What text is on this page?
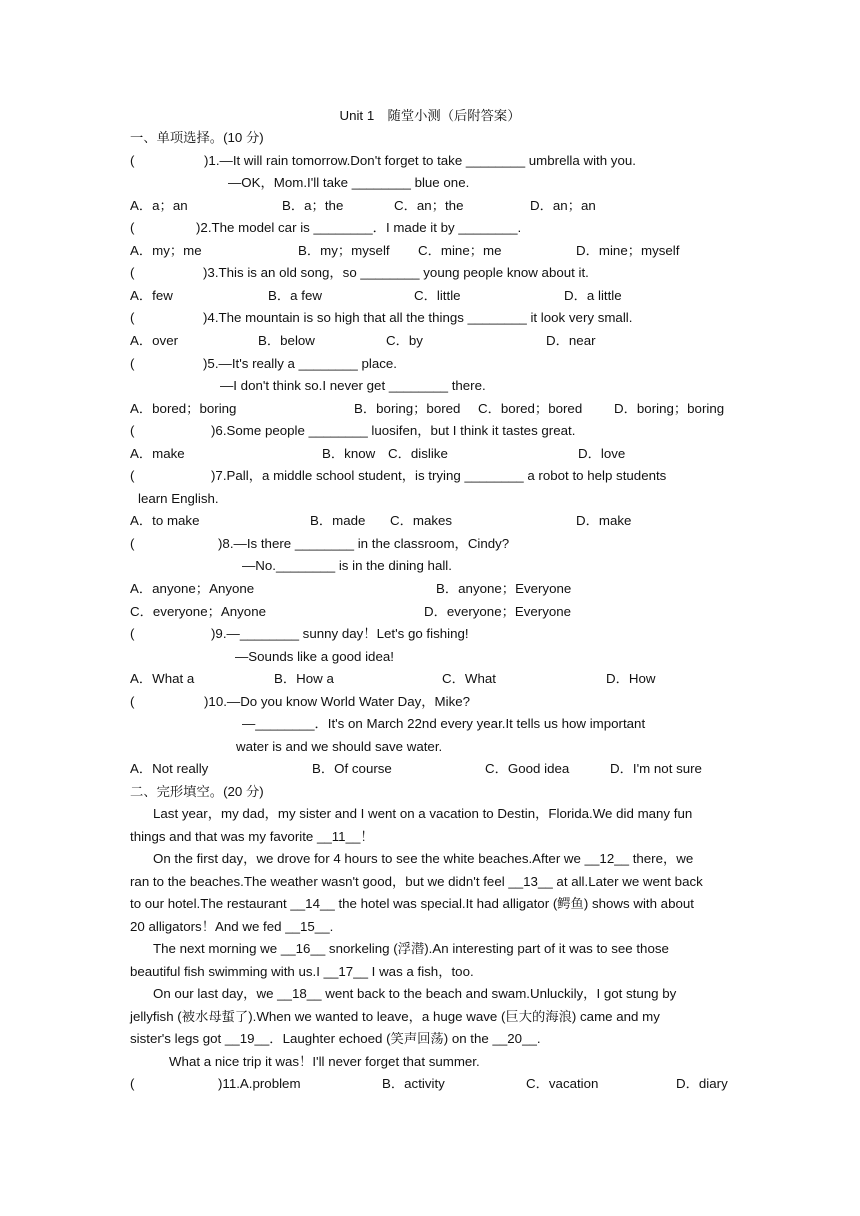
Unit 1　随堂小测（后附答案）
一、单项选择。(10 分)
(	)1.—It will rain tomorrow.Don't forget to take ________ umbrella with you.
—OK，Mom.I'll take ________ blue one.
A．a；an	B．a；the	C．an；the	D．an；an
(	)2.The model car is ________．I made it by ________.
A．my；me	B．my；myself C．mine；me	D．mine；myself
(	)3.This is an old song，so ________ young people know about it.
A．few	B．a few	C．little	D．a little
(	)4.The mountain is so high that all the things ________ it look very small.
A．over	B．below	C．by	D．near
(	)5.—It's really a ________ place.
—I don't think so.I never get ________ there.
A．bored；boring	B．boring；bored C．bored；bored D．boring；boring
(	)6.Some people ________ luosifen，but I think it tastes great.
A．make	B．know C．dislike	D．love
(	)7.Pall，a middle school student，is trying ________ a robot to help students
learn English.
A．to make	B．made C．makes	D．make
(	)8.—Is there ________ in the classroom，Cindy?
—No.________ is in the dining hall.
A．anyone；Anyone	B．anyone；Everyone
C．everyone；Anyone	D．everyone；Everyone
(	)9.—________ sunny day！Let's go fishing!
—Sounds like a good idea!
A．What a	B．How a	C．What	D．How
(	)10.—Do you know World Water Day，Mike?
—________．It's on March 22nd every year.It tells us how important
water is and we should save water.
A．Not really	B．Of course	C．Good idea	D．I'm not sure
二、完形填空。(20 分)
Last year，my dad，my sister and I went on a vacation to Destin，Florida.We did many fun
things and that was my favorite __11__！
On the first day，we drove for 4 hours to see the white beaches.After we __12__ there，we
ran to the beaches.The weather wasn't good，but we didn't feel __13__ at all.Later we went back
to our hotel.The restaurant __14__ the hotel was special.It had alligator (鳄鱼) shows with about
20 alligators！And we fed __15__.
The next morning we __16__ snorkeling (浮潜).An interesting part of it was to see those
beautiful fish swimming with us.I __17__ I was a fish，too.
On our last day，we __18__ went back to the beach and swam.Unluckily，I got stung by
jellyfish (被水母蜇了).When we wanted to leave，a huge wave (巨大的海浪) came and my
sister's legs got __19__．Laughter echoed (笑声回荡) on the __20__.
What a nice trip it was！I'll never forget that summer.
(	)11.A.problem	B．activity	C．vacation	D．diary
